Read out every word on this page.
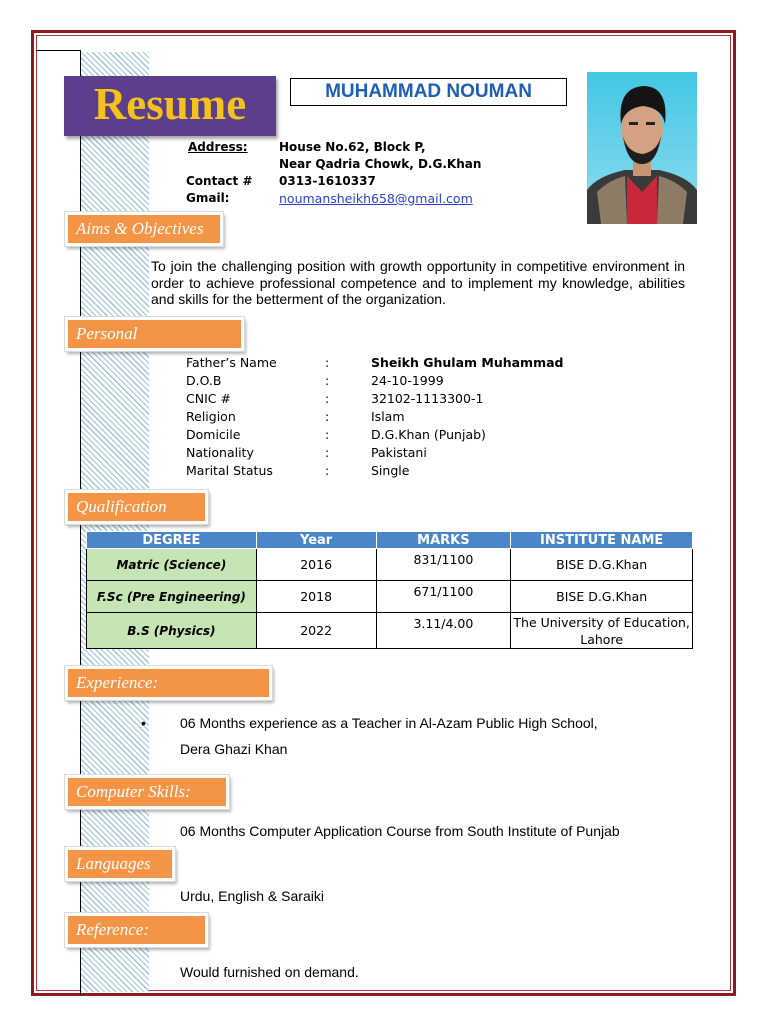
Resume	MUHAMMAD NOUMAN
Address:	House No.62, Block P,
Near Qadria Chowk, D.G.Khan
Contact # 0313-1610337
Gmail:	noumansheikh658@gmail.com
Aims & Objectives
To join the challenging position with growth opportunity in competitive environment in order to achieve professional competence and to implement my knowledge, abilities and skills for the betterment of the organization.
Personal
Father’s Name	:	Sheikh Ghulam Muhammad
D.O.B	:	24-10-1999
CNIC #	:	32102-1113300-1
Religion	:	Islam
Domicile	:	D.G.Khan (Punjab)
Nationality	:	Pakistani
Marital Status	:	Single
Qualification
DEGREE	Year	MARKS	INSTITUTE NAME
Matric (Science)	2016	831/1100	BISE D.G.Khan
F.Sc (Pre Engineering)	2018	671/1100	BISE D.G.Khan
B.S (Physics)	2022	3.11/4.00	The University of Education, Lahore
Experience:
• 06 Months experience as a Teacher in Al-Azam Public High School,
Dera Ghazi Khan
Computer Skills:
06 Months Computer Application Course from South Institute of Punjab
Languages
Urdu, English & Saraiki
Reference:
Would furnished on demand.
